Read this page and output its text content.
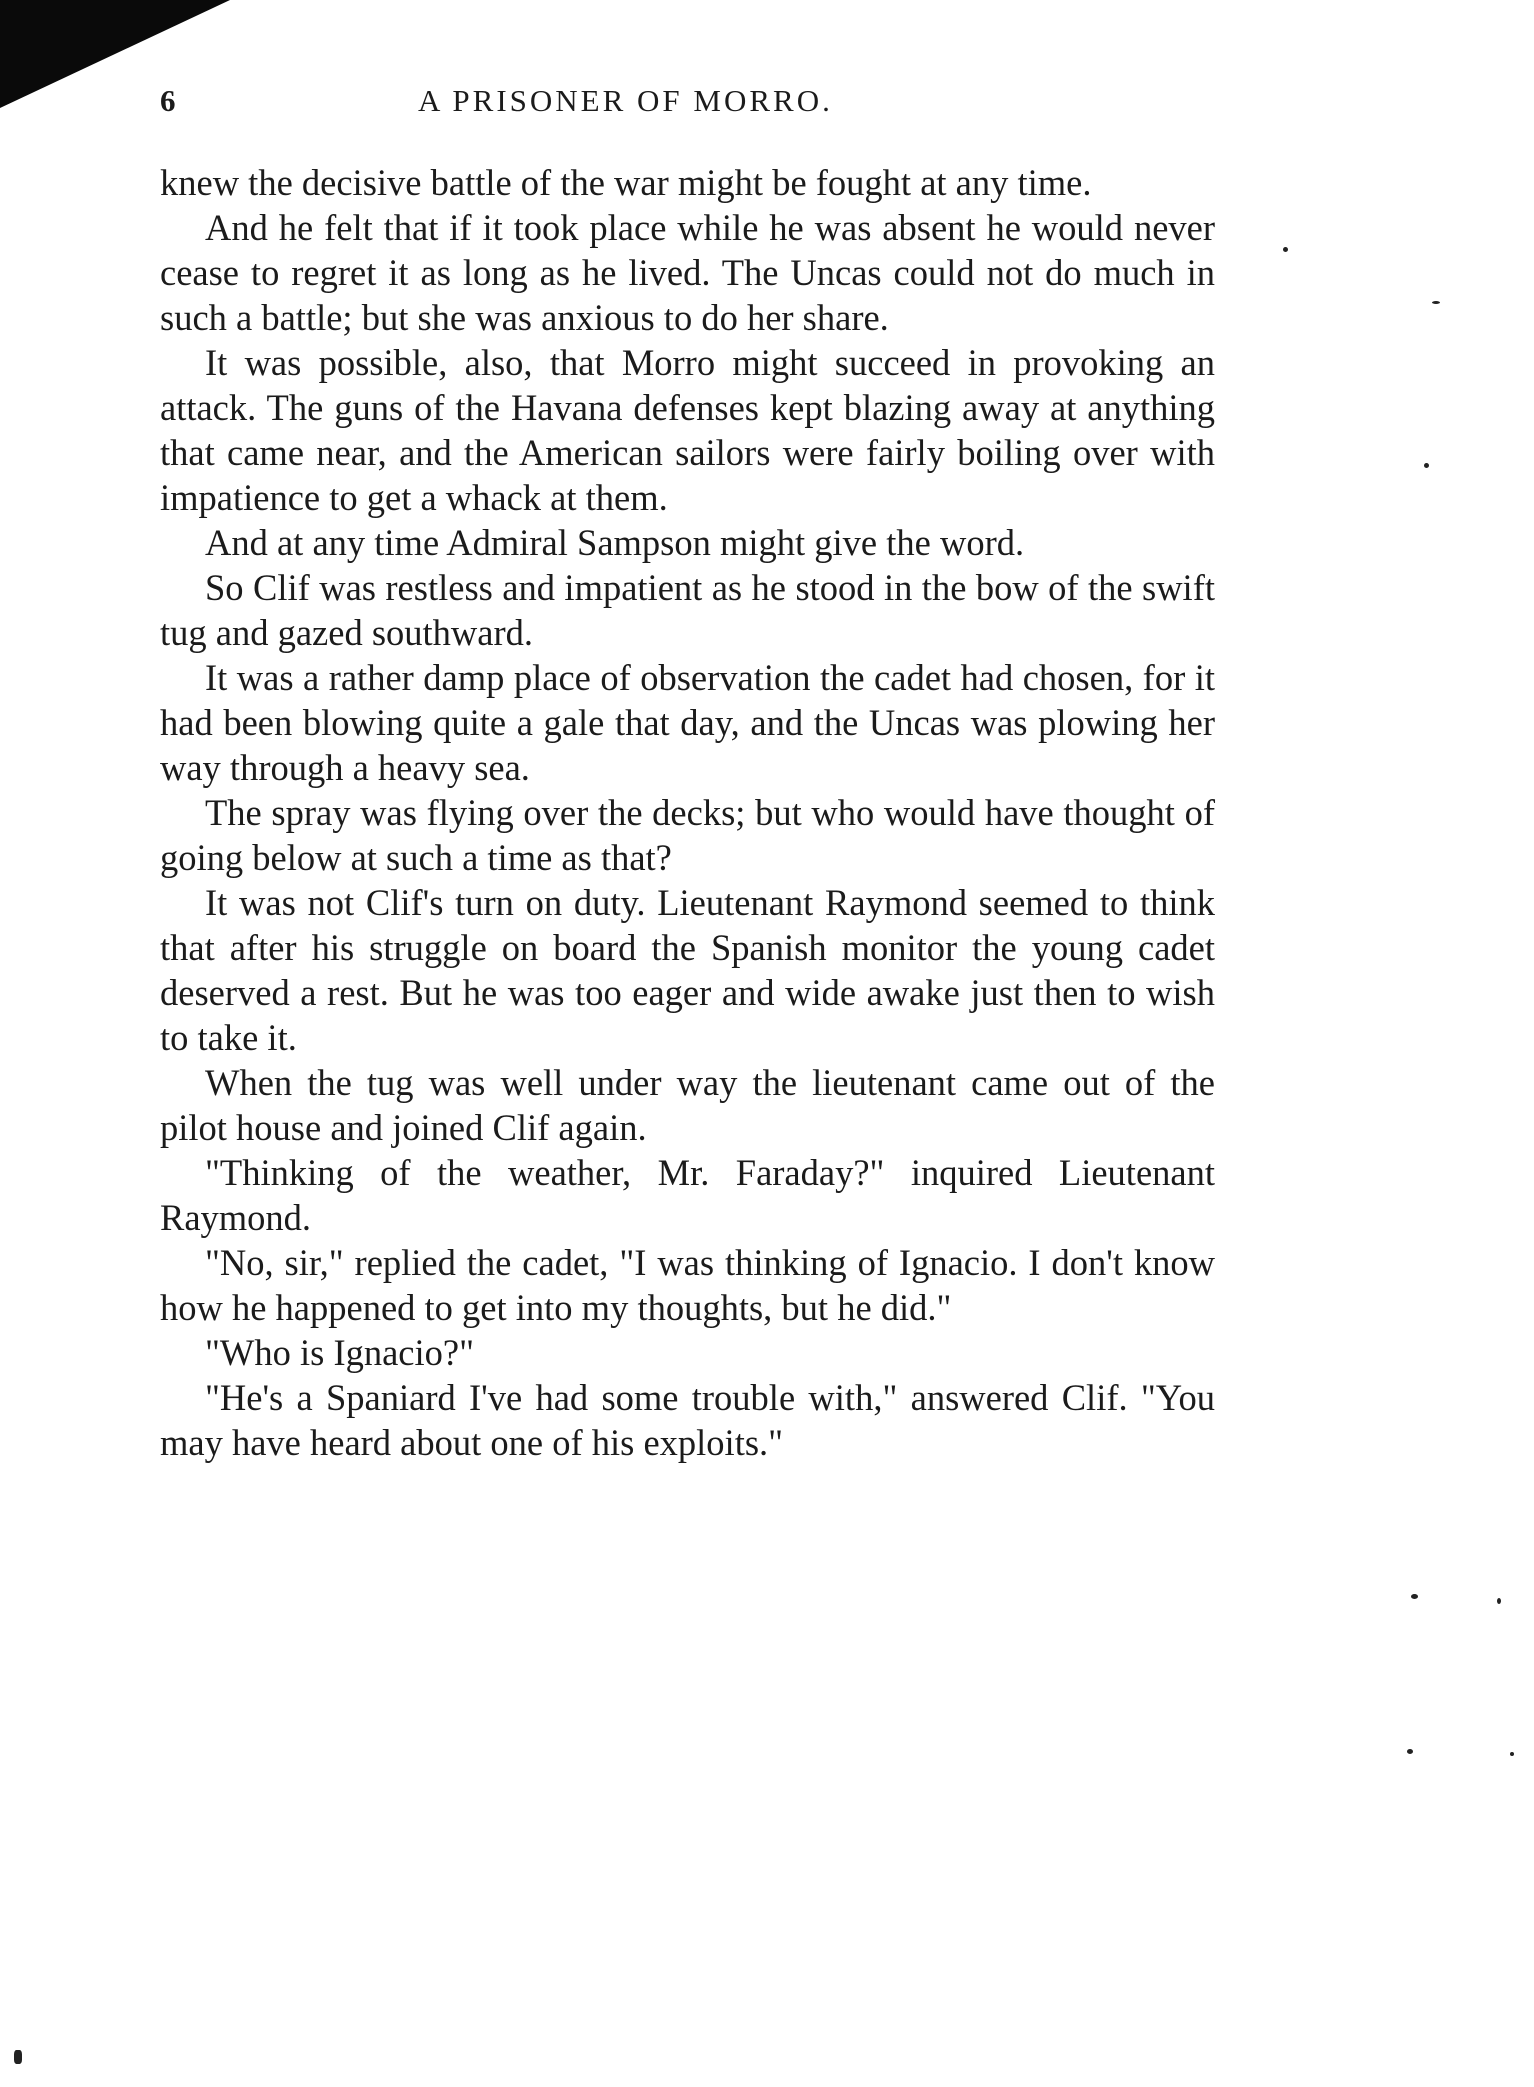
6	A PRISONER OF MORRO.

knew the decisive battle of the war might be fought at any time.

And he felt that if it took place while he was absent he would never cease to regret it as long as he lived. The Uncas could not do much in such a battle; but she was anxious to do her share.

It was possible, also, that Morro might succeed in provoking an attack. The guns of the Havana defenses kept blazing away at anything that came near, and the American sailors were fairly boiling over with impatience to get a whack at them.

And at any time Admiral Sampson might give the word.

So Clif was restless and impatient as he stood in the bow of the swift tug and gazed southward.

It was a rather damp place of observation the cadet had chosen, for it had been blowing quite a gale that day, and the Uncas was plowing her way through a heavy sea.

The spray was flying over the decks; but who would have thought of going below at such a time as that?

It was not Clif's turn on duty. Lieutenant Raymond seemed to think that after his struggle on board the Spanish monitor the young cadet deserved a rest. But he was too eager and wide awake just then to wish to take it.

When the tug was well under way the lieutenant came out of the pilot house and joined Clif again.

"Thinking of the weather, Mr. Faraday?" inquired Lieutenant Raymond.

"No, sir," replied the cadet, "I was thinking of Ignacio. I don't know how he happened to get into my thoughts, but he did."

"Who is Ignacio?"

"He's a Spaniard I've had some trouble with," answered Clif. "You may have heard about one of his exploits."
